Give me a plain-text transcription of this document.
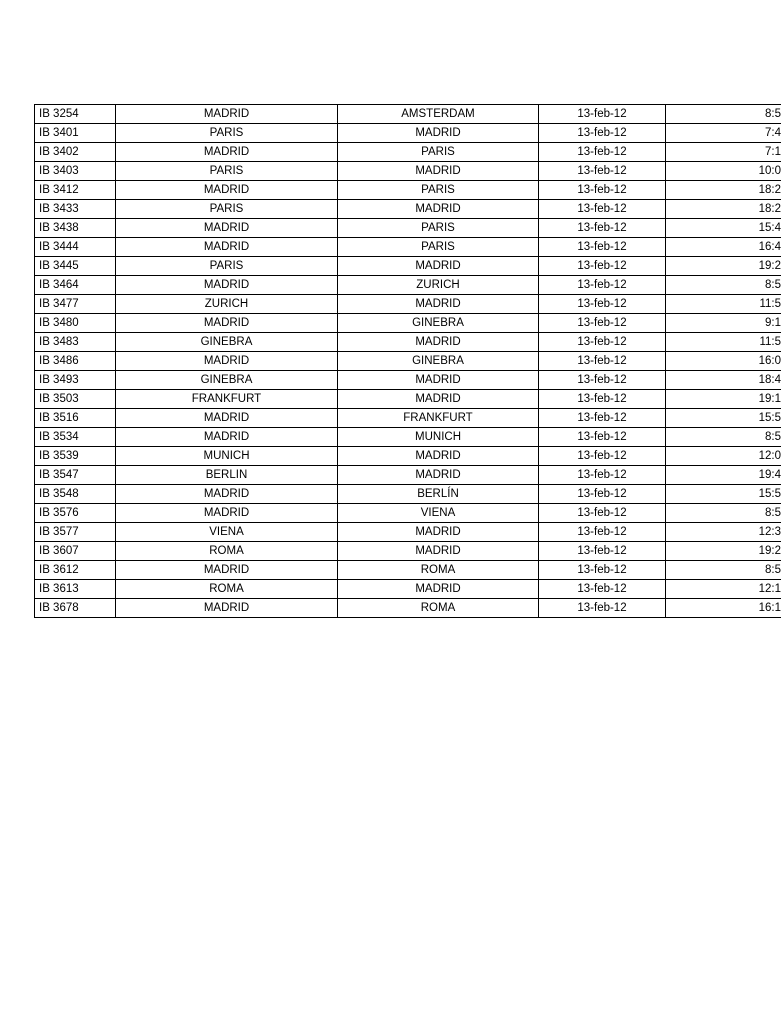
IB 3254	MADRID	AMSTERDAM	13-feb-12	8:5
IB 3401	PARIS	MADRID	13-feb-12	7:4
IB 3402	MADRID	PARIS	13-feb-12	7:1
IB 3403	PARIS	MADRID	13-feb-12	10:0
IB 3412	MADRID	PARIS	13-feb-12	18:2
IB 3433	PARIS	MADRID	13-feb-12	18:2
IB 3438	MADRID	PARIS	13-feb-12	15:4
IB 3444	MADRID	PARIS	13-feb-12	16:4
IB 3445	PARIS	MADRID	13-feb-12	19:2
IB 3464	MADRID	ZURICH	13-feb-12	8:5
IB 3477	ZURICH	MADRID	13-feb-12	11:5
IB 3480	MADRID	GINEBRA	13-feb-12	9:1
IB 3483	GINEBRA	MADRID	13-feb-12	11:5
IB 3486	MADRID	GINEBRA	13-feb-12	16:0
IB 3493	GINEBRA	MADRID	13-feb-12	18:4
IB 3503	FRANKFURT	MADRID	13-feb-12	19:1
IB 3516	MADRID	FRANKFURT	13-feb-12	15:5
IB 3534	MADRID	MUNICH	13-feb-12	8:5
IB 3539	MUNICH	MADRID	13-feb-12	12:0
IB 3547	BERLIN	MADRID	13-feb-12	19:4
IB 3548	MADRID	BERLÍN	13-feb-12	15:5
IB 3576	MADRID	VIENA	13-feb-12	8:5
IB 3577	VIENA	MADRID	13-feb-12	12:3
IB 3607	ROMA	MADRID	13-feb-12	19:2
IB 3612	MADRID	ROMA	13-feb-12	8:5
IB 3613	ROMA	MADRID	13-feb-12	12:1
IB 3678	MADRID	ROMA	13-feb-12	16:1
